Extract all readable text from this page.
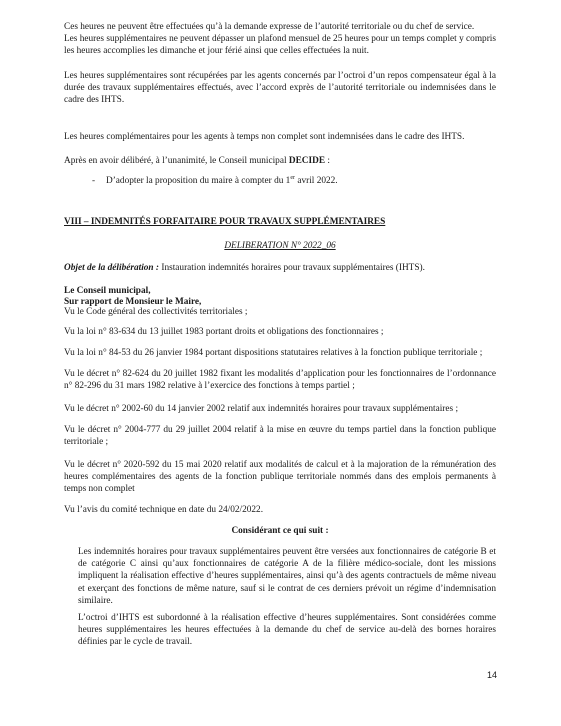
Ces heures ne peuvent être effectuées qu’à la demande expresse de l’autorité territoriale ou du chef de service.

Les heures supplémentaires ne peuvent dépasser un plafond mensuel de 25 heures pour un temps complet y compris les heures accomplies les dimanche et jour férié ainsi que celles effectuées la nuit.

Les heures supplémentaires sont récupérées par les agents concernés par l’octroi d’un repos compensateur égal à la durée des travaux supplémentaires effectués, avec l’accord exprès de l’autorité territoriale ou indemnisées dans le cadre des IHTS.

Les heures complémentaires pour les agents à temps non complet sont indemnisées dans le cadre des IHTS.

Après en avoir délibéré, à l’unanimité, le Conseil municipal DECIDE :

- D’adopter la proposition du maire à compter du 1er avril 2022.

VIII – INDEMNITÉS FORFAITAIRE POUR TRAVAUX SUPPLÉMENTAIRES

DELIBERATION N° 2022_06

Objet de la délibération : Instauration indemnités horaires pour travaux supplémentaires (IHTS).

Le Conseil municipal,

Sur rapport de Monsieur le Maire,

Vu le Code général des collectivités territoriales ;

Vu la loi n° 83-634 du 13 juillet 1983 portant droits et obligations des fonctionnaires ;

Vu la loi n° 84-53 du 26 janvier 1984 portant dispositions statutaires relatives à la fonction publique territoriale ;

Vu le décret n° 82-624 du 20 juillet 1982 fixant les modalités d’application pour les fonctionnaires de l’ordonnance n° 82-296 du 31 mars 1982 relative à l’exercice des fonctions à temps partiel ;

Vu le décret n° 2002-60 du 14 janvier 2002 relatif aux indemnités horaires pour travaux supplémentaires ;

Vu le décret n° 2004-777 du 29 juillet 2004 relatif à la mise en œuvre du temps partiel dans la fonction publique territoriale ;

Vu le décret n° 2020-592 du 15 mai 2020 relatif aux modalités de calcul et à la majoration de la rémunération des heures complémentaires des agents de la fonction publique territoriale nommés dans des emplois permanents à temps non complet

Vu l’avis du comité technique en date du 24/02/2022.

Considérant ce qui suit :

Les indemnités horaires pour travaux supplémentaires peuvent être versées aux fonctionnaires de catégorie B et de catégorie C ainsi qu’aux fonctionnaires de catégorie A de la filière médico-sociale, dont les missions impliquent la réalisation effective d’heures supplémentaires, ainsi qu’à des agents contractuels de même niveau et exerçant des fonctions de même nature, sauf si le contrat de ces derniers prévoit un régime d’indemnisation similaire.

L’octroi d’IHTS est subordonné à la réalisation effective d’heures supplémentaires. Sont considérées comme heures supplémentaires les heures effectuées à la demande du chef de service au-delà des bornes horaires définies par le cycle de travail.

14
